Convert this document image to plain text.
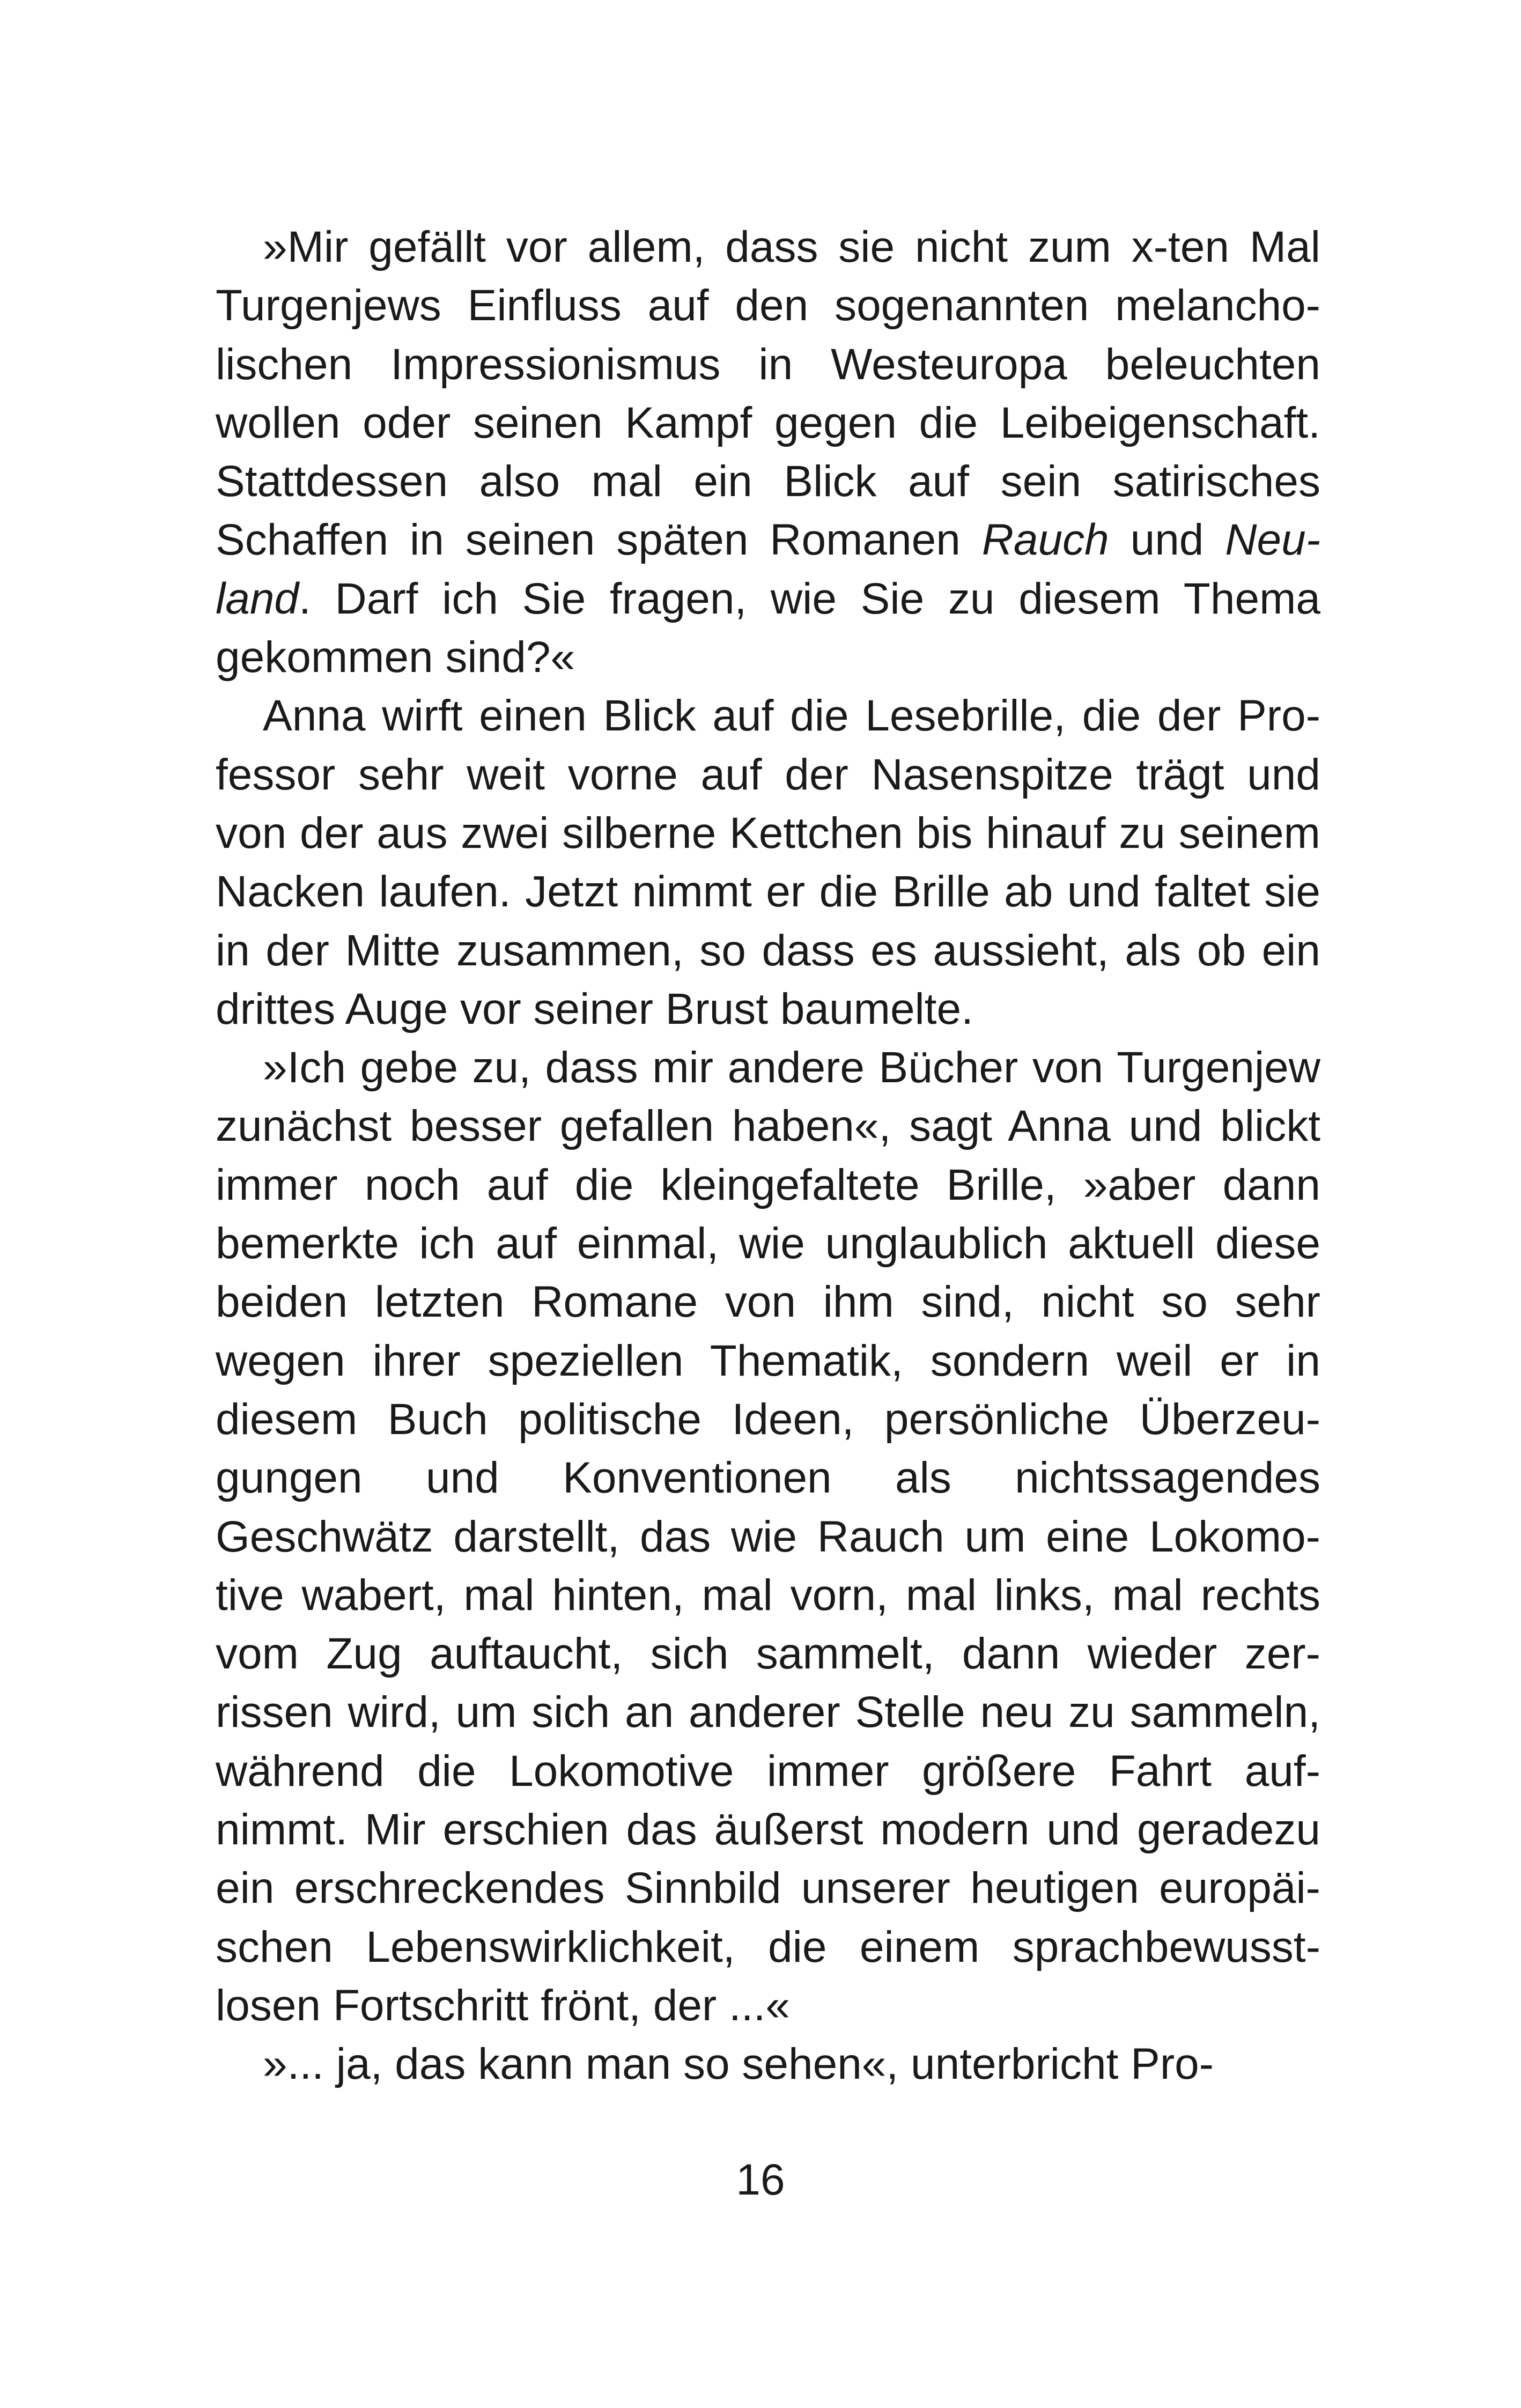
»Mir gefällt vor allem, dass sie nicht zum x-ten Mal
Turgenjews Einfluss auf den sogenannten melancho-
lischen Impressionismus in Westeuropa beleuchten
wollen oder seinen Kampf gegen die Leibeigenschaft.
Stattdessen also mal ein Blick auf sein satirisches
Schaffen in seinen späten Romanen Rauch und Neu-
land. Darf ich Sie fragen, wie Sie zu diesem Thema
gekommen sind?«
Anna wirft einen Blick auf die Lesebrille, die der Pro-
fessor sehr weit vorne auf der Nasenspitze trägt und
von der aus zwei silberne Kettchen bis hinauf zu seinem
Nacken laufen. Jetzt nimmt er die Brille ab und faltet sie
in der Mitte zusammen, so dass es aussieht, als ob ein
drittes Auge vor seiner Brust baumelte.
»Ich gebe zu, dass mir andere Bücher von Turgenjew
zunächst besser gefallen haben«, sagt Anna und blickt
immer noch auf die kleingefaltete Brille, »aber dann
bemerkte ich auf einmal, wie unglaublich aktuell diese
beiden letzten Romane von ihm sind, nicht so sehr
wegen ihrer speziellen Thematik, sondern weil er in
diesem Buch politische Ideen, persönliche Überzeu-
gungen und Konventionen als nichtssagendes
Geschwätz darstellt, das wie Rauch um eine Lokomo-
tive wabert, mal hinten, mal vorn, mal links, mal rechts
vom Zug auftaucht, sich sammelt, dann wieder zer-
rissen wird, um sich an anderer Stelle neu zu sammeln,
während die Lokomotive immer größere Fahrt auf-
nimmt. Mir erschien das äußerst modern und geradezu
ein erschreckendes Sinnbild unserer heutigen europäi-
schen Lebenswirklichkeit, die einem sprachbewusst-
losen Fortschritt frönt, der ...«
»... ja, das kann man so sehen«, unterbricht Pro-
16
